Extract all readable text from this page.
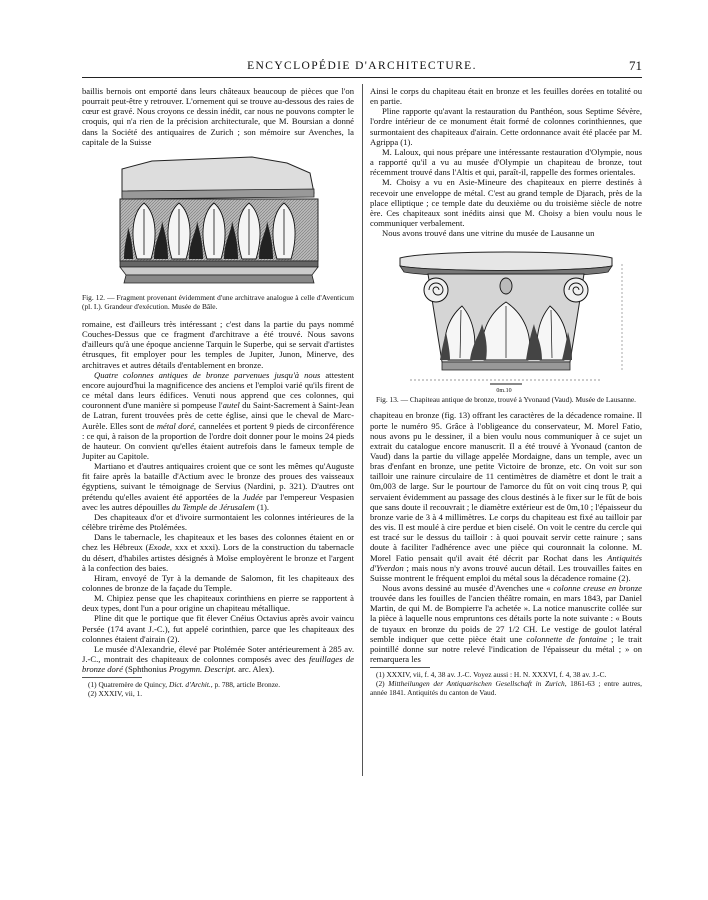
ENCYCLOPÉDIE D'ARCHITECTURE.	71

baillis bernois ont emporté dans leurs châteaux beaucoup de pièces que l'on pourrait peut-être y retrouver. L'ornement qui se trouve au-dessous des raies de cœur est gravé. Nous croyons ce dessin inédit, car nous ne pouvons compter le croquis, qui n'a rien de la précision architecturale, que M. Boursian a donné dans la Société des antiquaires de Zurich ; son mémoire sur Avenches, la capitale de la Suisse

Fig. 12. — Fragment provenant évidemment d'une architrave analogue à celle d'Aventicum (pl. I.). Grandeur d'exécution. Musée de Bâle.

romaine, est d'ailleurs très intéressant ; c'est dans la partie du pays nommé Couches-Dessus que ce fragment d'architrave a été trouvé. Nous savons d'ailleurs qu'à une époque ancienne Tarquin le Superbe, qui se servait d'artistes étrusques, fit employer pour les temples de Jupiter, Junon, Minerve, des architraves et autres détails d'entablement en bronze.

Quatre colonnes antiques de bronze parvenues jusqu'à nous attestent encore aujourd'hui la magnificence des anciens et l'emploi varié qu'ils firent de ce métal dans leurs édifices. Venuti nous apprend que ces colonnes, qui couronnent d'une manière si pompeuse l'autel du Saint-Sacrement à Saint-Jean de Latran, furent trouvées près de cette église, ainsi que le cheval de Marc-Aurèle. Elles sont de métal doré, cannelées et portent 9 pieds de circonférence : ce qui, à raison de la proportion de l'ordre doit donner pour le moins 24 pieds de hauteur. On convient qu'elles étaient autrefois dans le fameux temple de Jupiter au Capitole.

Martiano et d'autres antiquaires croient que ce sont les mêmes qu'Auguste fit faire après la bataille d'Actium avec le bronze des proues des vaisseaux égyptiens, suivant le témoignage de Servius (Nardini, p. 321). D'autres ont prétendu qu'elles avaient été apportées de la Judée par l'empereur Vespasien avec les autres dépouilles du Temple de Jérusalem (1).

Des chapiteaux d'or et d'ivoire surmontaient les colonnes intérieures de la célèbre trirème des Ptolémées.

Dans le tabernacle, les chapiteaux et les bases des colonnes étaient en or chez les Hébreux (Exode, xxx et xxxi). Lors de la construction du tabernacle du désert, d'habiles artistes désignés à Moïse employèrent le bronze et l'argent à la confection des baies.

Hiram, envoyé de Tyr à la demande de Salomon, fit les chapiteaux des colonnes de bronze de la façade du Temple.

M. Chipiez pense que les chapiteaux corinthiens en pierre se rapportent à deux types, dont l'un a pour origine un chapiteau métallique.

Pline dit que le portique que fit élever Cnéius Octavius après avoir vaincu Persée (174 avant J.-C.), fut appelé corinthien, parce que les chapiteaux des colonnes étaient d'airain (2).

Le musée d'Alexandrie, élevé par Ptolémée Soter antérieurement à 285 av. J.-C., montrait des chapiteaux de colonnes composés avec des feuillages de bronze doré (Sphthonius Progymn. Descript. arc. Alex).

(1) Quatremère de Quincy, Dict. d'Archit., p. 788, article Bronze.

(2) XXXIV, vii, 1.

Ainsi le corps du chapiteau était en bronze et les feuilles dorées en totalité ou en partie.

Pline rapporte qu'avant la restauration du Panthéon, sous Septime Sévère, l'ordre intérieur de ce monument était formé de colonnes corinthiennes, que surmontaient des chapiteaux d'airain. Cette ordonnance avait été placée par M. Agrippa (1).

M. Laloux, qui nous prépare une intéressante restauration d'Olympie, nous a rapporté qu'il a vu au musée d'Olympie un chapiteau de bronze, tout récemment trouvé dans l'Altis et qui, paraît-il, rappelle des formes orientales.

M. Choisy a vu en Asie-Mineure des chapiteaux en pierre destinés à recevoir une enveloppe de métal. C'est au grand temple de Djarach, près de la place elliptique ; ce temple date du deuxième ou du troisième siècle de notre ère. Ces chapiteaux sont inédits ainsi que M. Choisy a bien voulu nous le communiquer verbalement.

Nous avons trouvé dans une vitrine du musée de Lausanne un

0m.10

Fig. 13. — Chapiteau antique de bronze, trouvé à Yvonaud (Vaud). Musée de Lausanne.

chapiteau en bronze (fig. 13) offrant les caractères de la décadence romaine. Il porte le numéro 95. Grâce à l'obligeance du conservateur, M. Morel Fatio, nous avons pu le dessiner, il a bien voulu nous communiquer à ce sujet un extrait du catalogue encore manuscrit. Il a été trouvé à Yvonaud (canton de Vaud) dans la partie du village appelée Mordaigne, dans un temple, avec un bras d'enfant en bronze, une petite Victoire de bronze, etc. On voit sur son tailloir une rainure circulaire de 11 centimètres de diamètre et dont le trait a 0m,003 de large. Sur le pourtour de l'amorce du fût on voit cinq trous P, qui servaient évidemment au passage des clous destinés à le fixer sur le fût de bois que sans doute il recouvrait ; le diamètre extérieur est de 0m,10 ; l'épaisseur du bronze varie de 3 à 4 millimètres. Le corps du chapiteau est fixé au tailloir par des vis. Il est moulé à cire perdue et bien ciselé. On voit le centre du cercle qui est tracé sur le dessus du tailloir : à quoi pouvait servir cette rainure ; sans doute à faciliter l'adhérence avec une pièce qui couronnait la colonne. M. Morel Fatio pensait qu'il avait été décrit par Rochat dans les Antiquités d'Yverdon ; mais nous n'y avons trouvé aucun détail. Les trouvailles faites en Suisse montrent le fréquent emploi du métal sous la décadence romaine (2).

Nous avons dessiné au musée d'Avenches une « colonne creuse en bronze trouvée dans les fouilles de l'ancien théâtre romain, en mars 1843, par Daniel Martin, de qui M. de Bompierre l'a achetée ». La notice manuscrite collée sur la pièce à laquelle nous empruntons ces détails porte la note suivante : « Bouts de tuyaux en bronze du poids de 27 1/2 CH. Le vestige de goulot latéral semble indiquer que cette pièce était une colonnette de fontaine ; le trait pointillé donne sur notre relevé l'indication de l'épaisseur du métal ; » on remarquera les

(1) XXXIV, vii, f. 4, 38 av. J.-C. Voyez aussi : H. N. XXXVI, f. 4, 38 av. J.-C.

(2) Mittheilungen der Antiquarischen Gesellschaft in Zurich, 1861-63 ; entre autres, année 1841. Antiquités du canton de Vaud.
